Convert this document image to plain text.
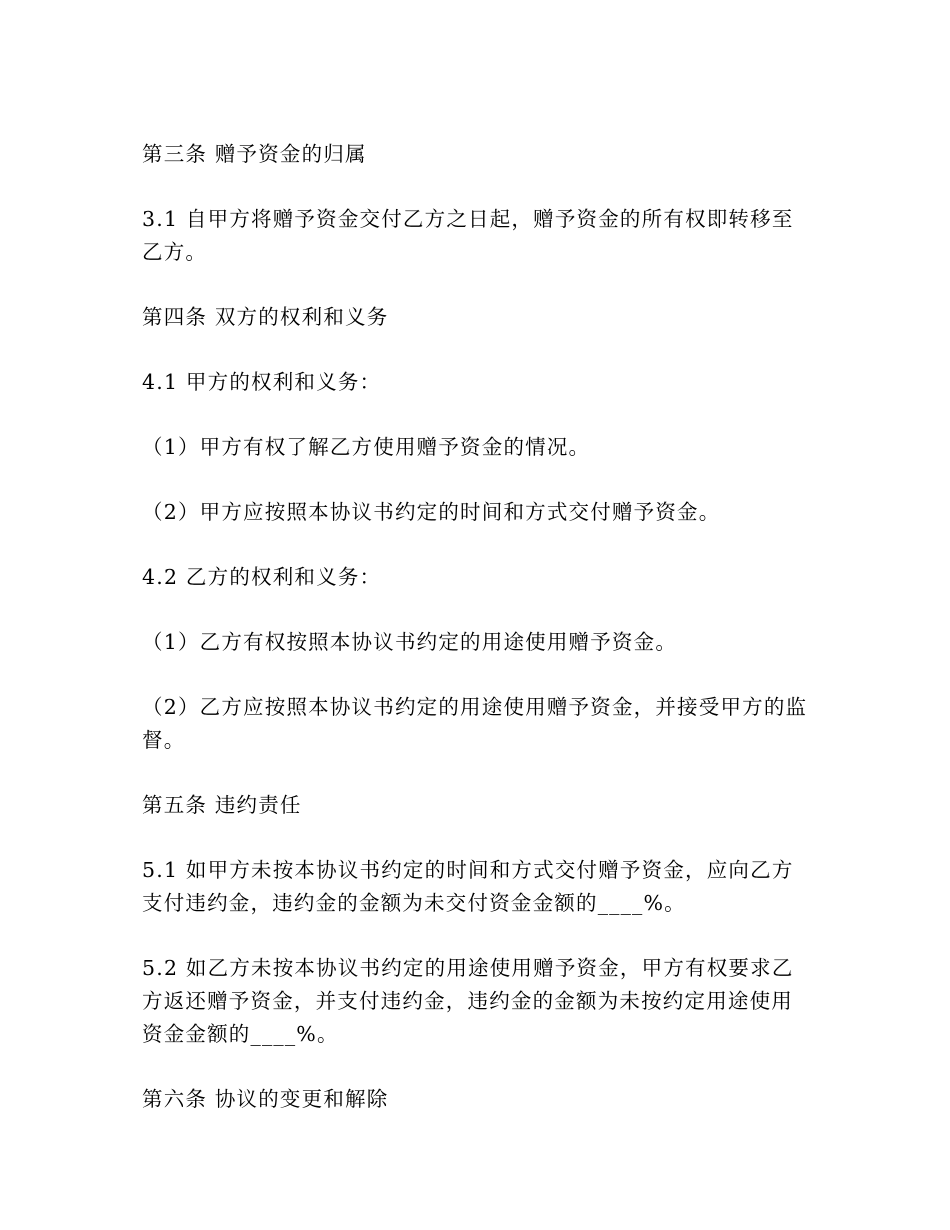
第三条 赠予资金的归属

3.1 自甲方将赠予资金交付乙方之日起，赠予资金的所有权即转移至
乙方。

第四条 双方的权利和义务

4.1 甲方的权利和义务：

（1）甲方有权了解乙方使用赠予资金的情况。

（2）甲方应按照本协议书约定的时间和方式交付赠予资金。

4.2 乙方的权利和义务：

（1）乙方有权按照本协议书约定的用途使用赠予资金。

（2）乙方应按照本协议书约定的用途使用赠予资金，并接受甲方的监
督。

第五条 违约责任

5.1 如甲方未按本协议书约定的时间和方式交付赠予资金，应向乙方
支付违约金，违约金的金额为未交付资金金额的____%。

5.2 如乙方未按本协议书约定的用途使用赠予资金，甲方有权要求乙
方返还赠予资金，并支付违约金，违约金的金额为未按约定用途使用
资金金额的____%。

第六条 协议的变更和解除
